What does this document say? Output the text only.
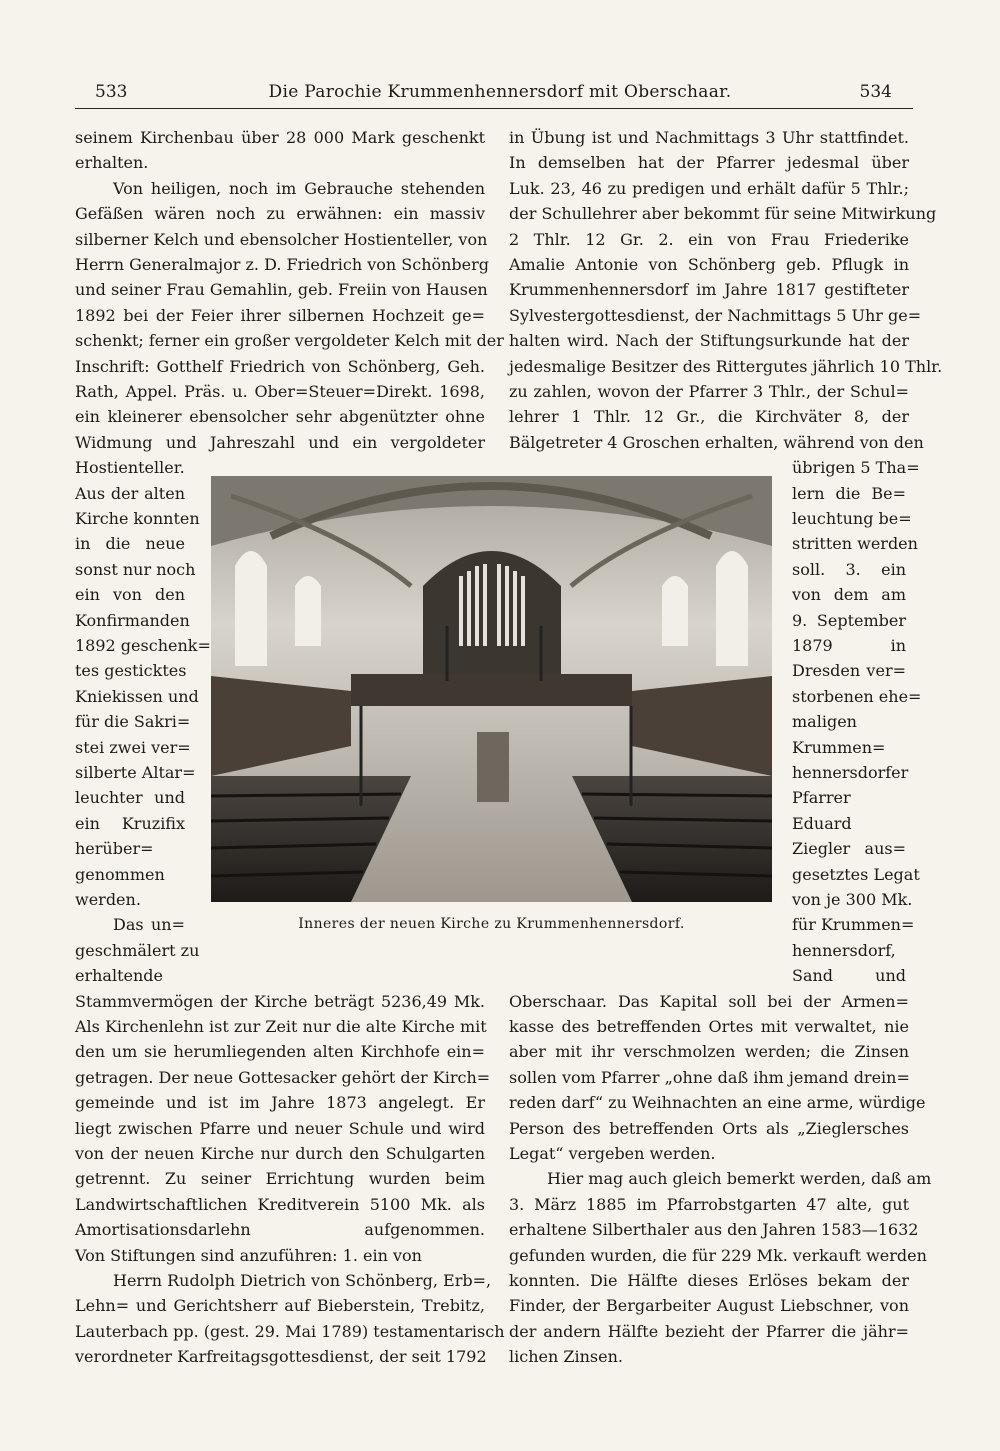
533	Die Parochie Krummenhennersdorf mit Oberschaar.	534
seinem Kirchenbau über 28 000 Mark geschenkt
erhalten.
Von heiligen, noch im Gebrauche stehenden
Gefäßen wären noch zu erwähnen: ein massiv
silberner Kelch und ebensolcher Hostienteller, von
Herrn Generalmajor z. D. Friedrich von Schönberg
und seiner Frau Gemahlin, geb. Freiin von Hausen
1892 bei der Feier ihrer silbernen Hochzeit ge=
schenkt; ferner ein großer vergoldeter Kelch mit der
Inschrift: Gotthelf Friedrich von Schönberg, Geh.
Rath, Appel. Präs. u. Ober=Steuer=Direkt. 1698,
ein kleinerer ebensolcher sehr abgenützter ohne
Widmung und Jahreszahl und ein vergoldeter
Hostienteller.
Aus der alten
Kirche konnten
in die neue
sonst nur noch
ein von den
Konfirmanden
1892 geschenk=
tes gesticktes
Kniekissen und
für die Sakri=
stei zwei ver=
silberte Altar=
leuchter und
ein Kruzifix
herüber=
genommen
werden.
Das un=
geschmälert zu
erhaltende
Stammvermögen der Kirche beträgt 5236,49 Mk.
Als Kirchenlehn ist zur Zeit nur die alte Kirche mit
den um sie herumliegenden alten Kirchhofe ein=
getragen. Der neue Gottesacker gehört der Kirch=
gemeinde und ist im Jahre 1873 angelegt. Er
liegt zwischen Pfarre und neuer Schule und wird
von der neuen Kirche nur durch den Schulgarten
getrennt. Zu seiner Errichtung wurden beim
Landwirtschaftlichen Kreditverein 5100 Mk. als
Amortisationsdarlehn aufgenommen.
Von Stiftungen sind anzuführen: 1. ein von
Herrn Rudolph Dietrich von Schönberg, Erb=,
Lehn= und Gerichtsherr auf Bieberstein, Trebitz,
Lauterbach pp. (gest. 29. Mai 1789) testamentarisch
verordneter Karfreitagsgottesdienst, der seit 1792
in Übung ist und Nachmittags 3 Uhr stattfindet.
In demselben hat der Pfarrer jedesmal über
Luk. 23, 46 zu predigen und erhält dafür 5 Thlr.;
der Schullehrer aber bekommt für seine Mitwirkung
2 Thlr. 12 Gr. 2. ein von Frau Friederike
Amalie Antonie von Schönberg geb. Pflugk in
Krummenhennersdorf im Jahre 1817 gestifteter
Sylvestergottesdienst, der Nachmittags 5 Uhr ge=
halten wird. Nach der Stiftungsurkunde hat der
jedesmalige Besitzer des Rittergutes jährlich 10 Thlr.
zu zahlen, wovon der Pfarrer 3 Thlr., der Schul=
lehrer 1 Thlr. 12 Gr., die Kirchväter 8, der
Bälgetreter 4 Groschen erhalten, während von den
übrigen 5 Tha=
lern die Be=
leuchtung be=
stritten werden
soll. 3. ein
von dem am
9. September
1879 in
Dresden ver=
storbenen ehe=
maligen
Krummen=
hennersdorfer
Pfarrer
Eduard
Ziegler aus=
gesetztes Legat
von je 300 Mk.
für Krummen=
hennersdorf,
Sand und
Oberschaar. Das Kapital soll bei der Armen=
kasse des betreffenden Ortes mit verwaltet, nie
aber mit ihr verschmolzen werden; die Zinsen
sollen vom Pfarrer „ohne daß ihm jemand drein=
reden darf“ zu Weihnachten an eine arme, würdige
Person des betreffenden Orts als „Zieglersches
Legat“ vergeben werden.
Hier mag auch gleich bemerkt werden, daß am
3. März 1885 im Pfarrobstgarten 47 alte, gut
erhaltene Silberthaler aus den Jahren 1583—1632
gefunden wurden, die für 229 Mk. verkauft werden
konnten. Die Hälfte dieses Erlöses bekam der
Finder, der Bergarbeiter August Liebschner, von
der andern Hälfte bezieht der Pfarrer die jähr=
lichen Zinsen.
Inneres der neuen Kirche zu Krummenhennersdorf.
